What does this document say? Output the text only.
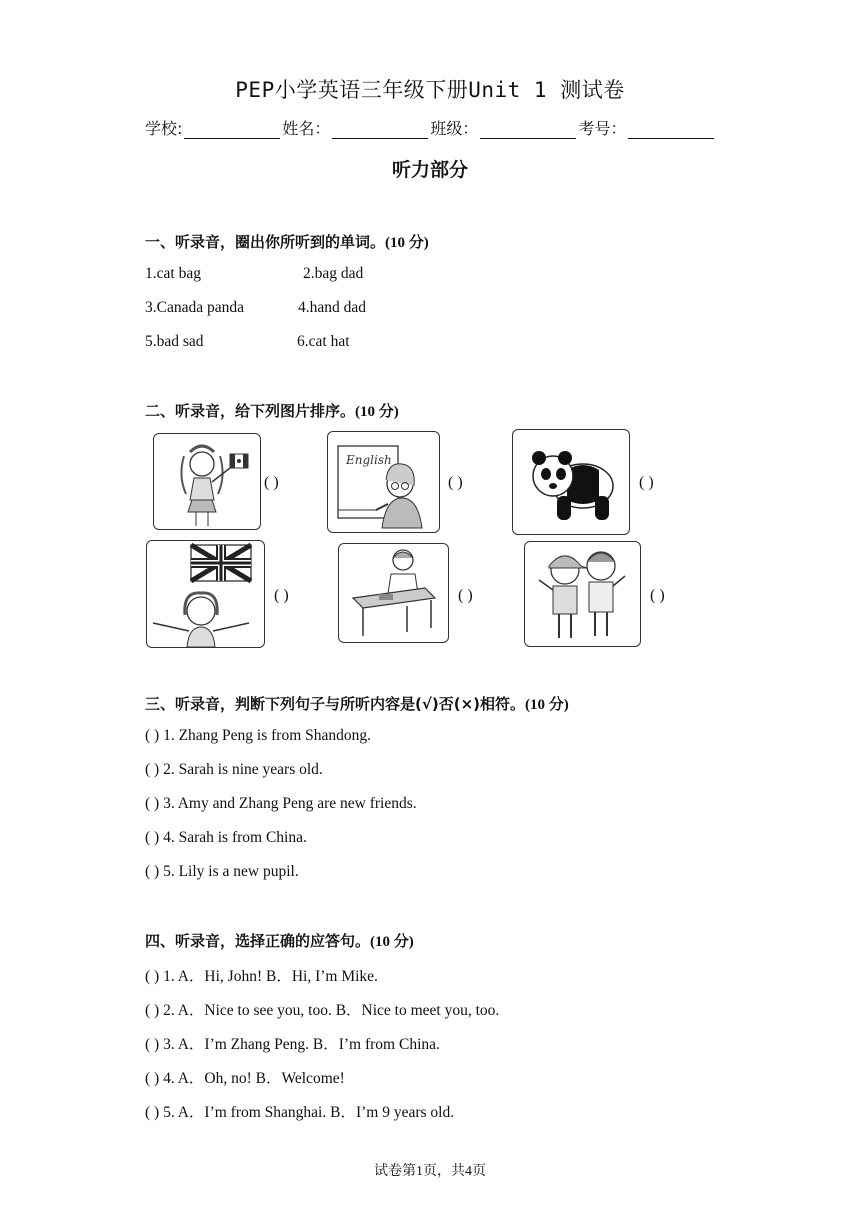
PEP小学英语三年级下册Unit 1 测试卷
学校:	姓名：	班级：	考号：
听力部分
一、听录音，圈出你所听到的单词。(10 分)
1.cat bag	2.bag dad
3.Canada panda	4.hand dad
5.bad sad	6.cat hat
二、听录音，给下列图片排序。(10 分)
( )
English
( )	( )
( )	( )	( )
三、听录音，判断下列句子与所听内容是(√)否(×)相符。(10 分)
( ) 1. Zhang Peng is from Shandong.
( ) 2. Sarah is nine years old.
( ) 3. Amy and Zhang Peng are new friends.
( ) 4. Sarah is from China.
( ) 5. Lily is a new pupil.
四、听录音，选择正确的应答句。(10 分)
( ) 1. A．Hi, John! B．Hi, I’m Mike.
( ) 2. A．Nice to see you, too. B．Nice to meet you, too.
( ) 3. A．I’m Zhang Peng. B．I’m from China.
( ) 4. A．Oh, no! B．Welcome!
( ) 5. A．I’m from Shanghai. B．I’m 9 years old.
试卷第1页，共4页
